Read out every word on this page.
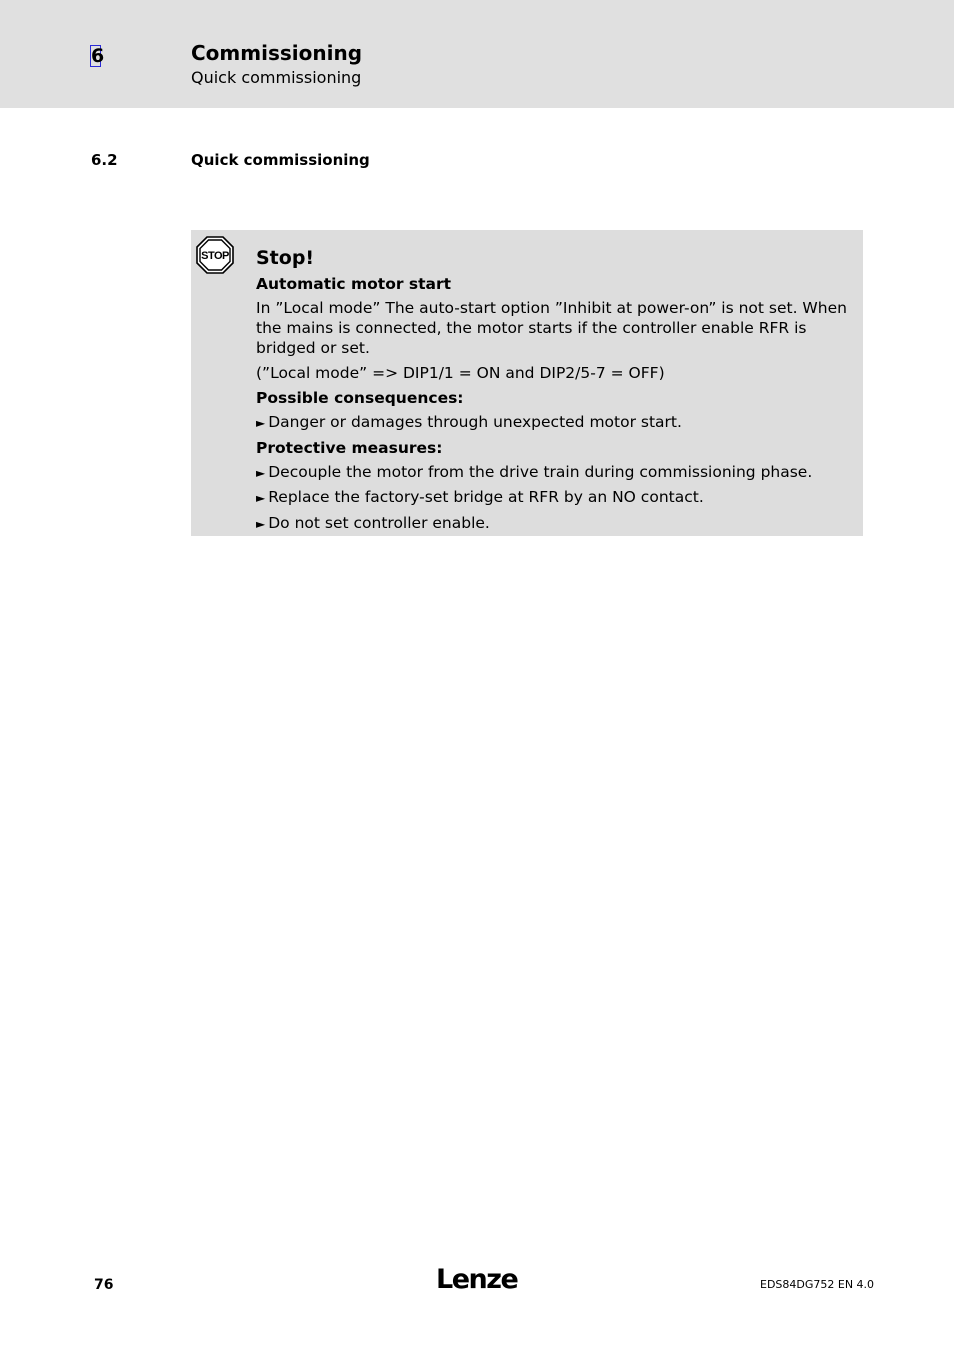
6	Commissioning
Quick commissioning
6.2	Quick commissioning
STOP Stop!
Automatic motor start
In ”Local mode” The auto-start option ”Inhibit at power-on” is not set. When the mains is connected, the motor starts if the controller enable RFR is bridged or set.
(”Local mode” => DIP1/1 = ON and DIP2/5-7 = OFF)
Possible consequences:
► Danger or damages through unexpected motor start.
Protective measures:
► Decouple the motor from the drive train during commissioning phase.
► Replace the factory-set bridge at RFR by an NO contact.
► Do not set controller enable.
76	Lenze	EDS84DG752 EN 4.0
